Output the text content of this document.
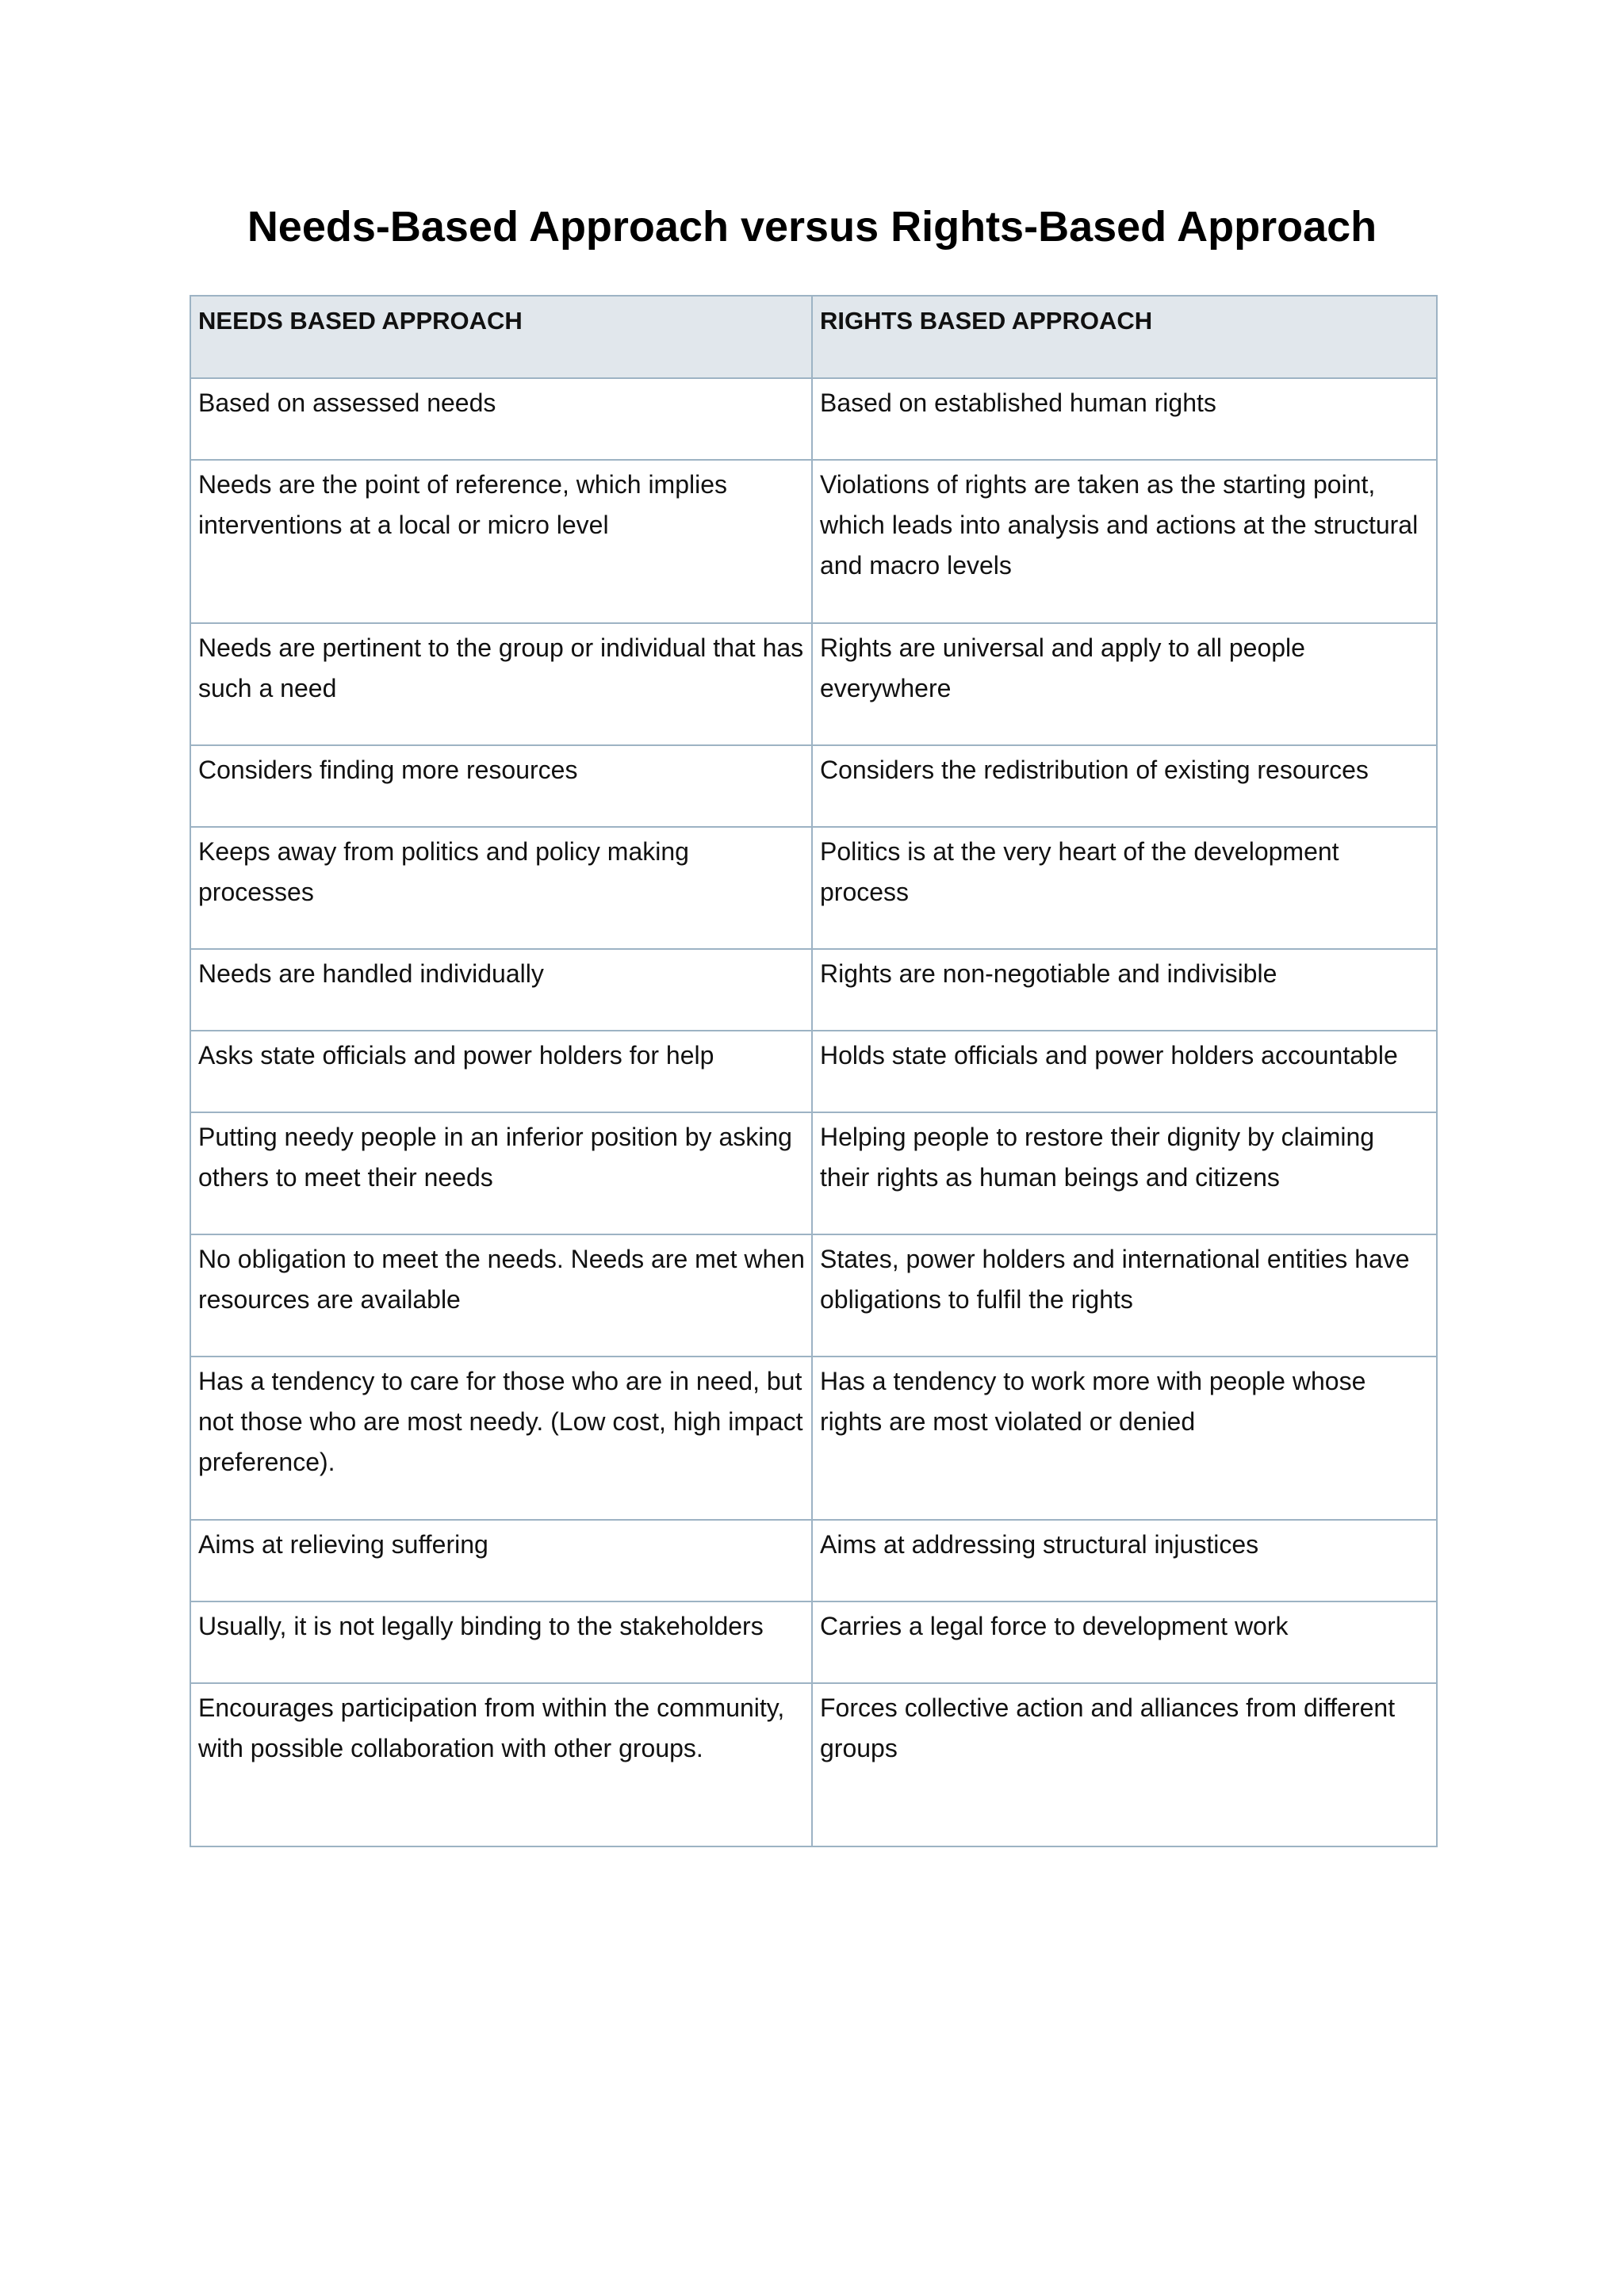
Needs-Based Approach versus Rights-Based Approach
NEEDS BASED APPROACH	RIGHTS BASED APPROACH

Based on assessed needs	Based on established human rights

Needs are the point of reference, which implies interventions at a local or micro level	Violations of rights are taken as the starting point, which leads into analysis and actions at the structural and macro levels

Needs are pertinent to the group or individual that has such a need	Rights are universal and apply to all people everywhere

Considers finding more resources	Considers the redistribution of existing resources

Keeps away from politics and policy making processes	Politics is at the very heart of the development process

Needs are handled individually	Rights are non-negotiable and indivisible

Asks state officials and power holders for help	Holds state officials and power holders accountable

Putting needy people in an inferior position by asking others to meet their needs	Helping people to restore their dignity by claiming their rights as human beings and citizens

No obligation to meet the needs. Needs are met when resources are available	States, power holders and international entities have obligations to fulfil the rights

Has a tendency to care for those who are in need, but not those who are most needy. (Low cost, high impact preference).	Has a tendency to work more with people whose rights are most violated or denied

Aims at relieving suffering	Aims at addressing structural injustices

Usually, it is not legally binding to the stakeholders	Carries a legal force to development work

Encourages participation from within the community, with possible collaboration with other groups.	Forces collective action and alliances from different groups
